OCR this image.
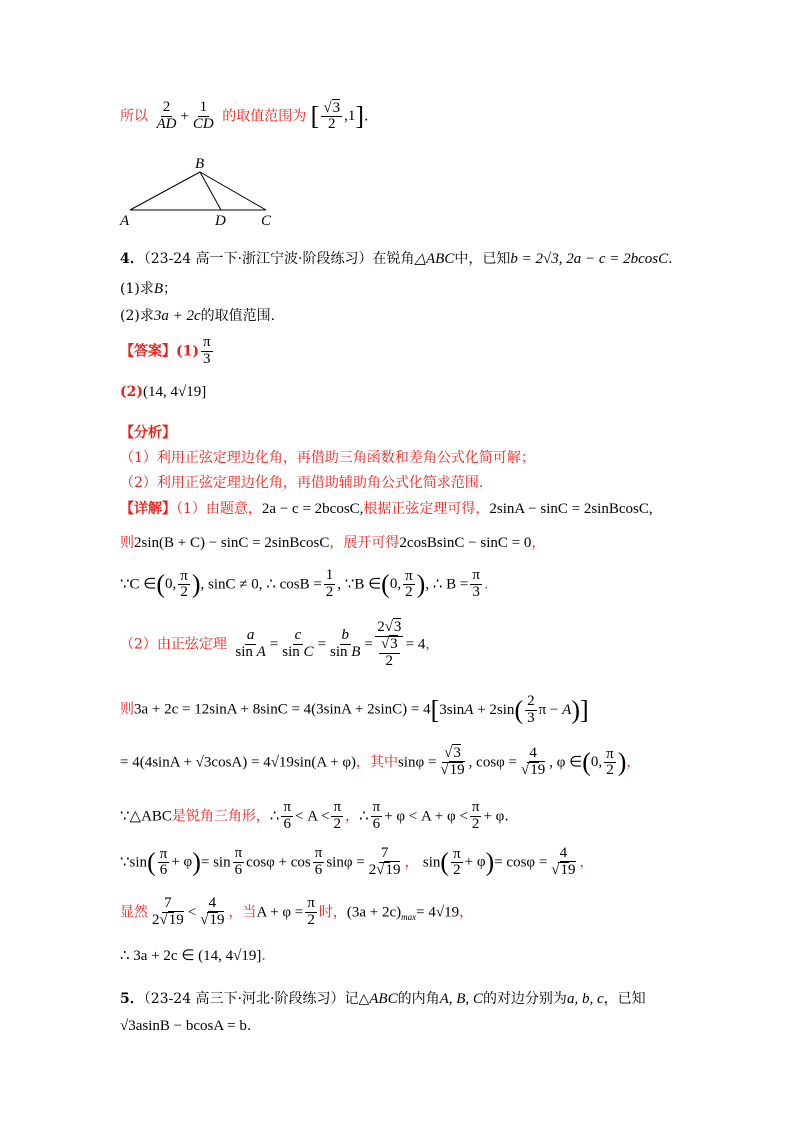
所以 $\frac{2}{AD} + \frac{1}{CD}$ 的取值范围为 [ $\frac{√3}{2} ,1$].
B
A	D C
4．（23-24 高一下·浙江宁波·阶段练习）在锐角△ABC中，已知b = 2√3, 2a − c = 2bcosC.
(1)求B；
(2)求3a + 2c的取值范围.
【答案】$(1) \frac{\pi}{3}$
(2)(14, 4√19]
【分析】
（1）利用正弦定理边化角，再借助三角函数和差角公式化简可解；
（2）利用正弦定理边化角，再借助辅助角公式化简求范围.
【详解】（1）由题意，2a − c = 2bcosC,根据正弦定理可得，2sinA − sinC = 2sinBcosC,
则2sin(B + C) − sinC = 2sinBcosC，展开可得2cosBsinC − sinC = 0，
∵C ∈(0, $\frac{\pi}{2}$ ), sinC ≠ 0, ∴ $\cos B = \frac{1}{2}$ , ∵B ∈(0, $\frac{\pi}{2}$ ), ∴ $B = \frac{\pi}{3}$ .
（2）由正弦定理 $\frac{a}{\text{sin A}} = \frac{c}{\text{sin C}} = \frac{b}{\text{sin B}} = \frac{2√3}{\frac{√3}{2}} = 4$，
则$3a + 2c = 12\sin A + 8\sin C = 4(3\sin A + 2\sin C) = 4[3\sin A + 2\sin( \frac{2}{3}$ π − A)]
= 4(4sinA + √3cosA) = 4√19sin(A + φ)，其中$\sin\varphi = \frac{√3}{√19}$ , $\cos\varphi = \frac{4}{√19}$ , φ ∈(0, $\frac{\pi}{2}$ )，
∵△ABC是锐角三角形，∴ $\frac{\pi}{6} < A < \frac{\pi}{2}$ ，∴ $\frac{\pi}{6} + \varphi < A + \varphi < \frac{\pi}{2} + \varphi$.
∵sin( $\frac{\pi}{6} + \varphi)= \sin \frac{\pi}{6}$ $\cos\varphi + \cos \frac{\pi}{6}$ $\sin\varphi = \frac{7}{2√19}$ ， $\sin( \frac{\pi}{2} + \varphi)= \cos\varphi = \frac{4}{√19}$ ，
显然 $\frac{7}{2√19} < \frac{4}{√19}$ ，当$A + \varphi = \frac{\pi}{2}$ 时，$(3a + 2c)_{max}= 4√19$，
∴ 3a + 2c ∈ (14, 4√19].
5．（23-24 高三下·河北·阶段练习）记△ABC的内角A, B, C的对边分别为a, b, c，已知
√3asinB − bcosA = b.
